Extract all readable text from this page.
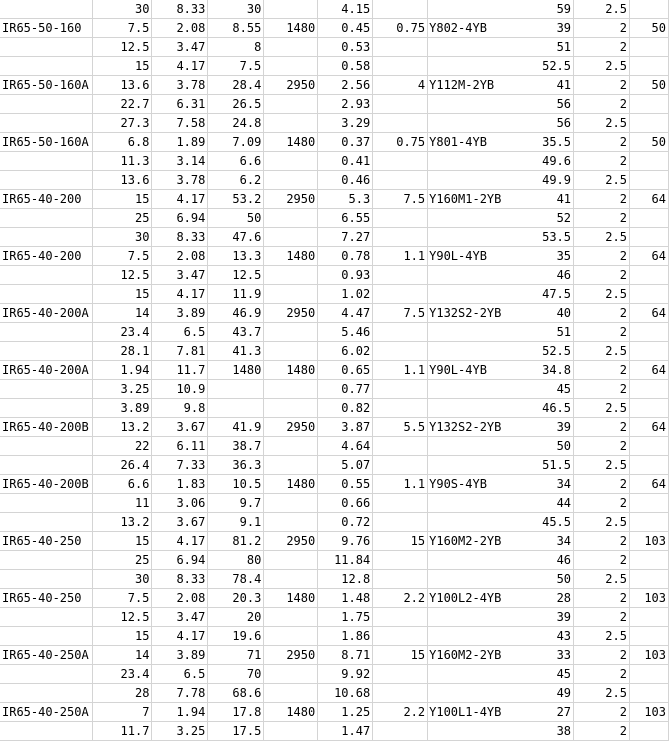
	30	8.33	30		4.15			59	2.5	
IR65-50-160	7.5	2.08	8.55	1480	0.45	0.75	Y802-4YB	39	2	50
	12.5	3.47	8		0.53			51	2	
	15	4.17	7.5		0.58			52.5	2.5	
IR65-50-160A	13.6	3.78	28.4	2950	2.56	4	Y112M-2YB	41	2	50
	22.7	6.31	26.5		2.93			56	2	
	27.3	7.58	24.8		3.29			56	2.5	
IR65-50-160A	6.8	1.89	7.09	1480	0.37	0.75	Y801-4YB	35.5	2	50
	11.3	3.14	6.6		0.41			49.6	2	
	13.6	3.78	6.2		0.46			49.9	2.5	
IR65-40-200	15	4.17	53.2	2950	5.3	7.5	Y160M1-2YB	41	2	64
	25	6.94	50		6.55			52	2	
	30	8.33	47.6		7.27			53.5	2.5	
IR65-40-200	7.5	2.08	13.3	1480	0.78	1.1	Y90L-4YB	35	2	64
	12.5	3.47	12.5		0.93			46	2	
	15	4.17	11.9		1.02			47.5	2.5	
IR65-40-200A	14	3.89	46.9	2950	4.47	7.5	Y132S2-2YB	40	2	64
	23.4	6.5	43.7		5.46			51	2	
	28.1	7.81	41.3		6.02			52.5	2.5	
IR65-40-200A	1.94	11.7	1480	1480	0.65	1.1	Y90L-4YB	34.8	2	64
	3.25	10.9			0.77			45	2	
	3.89	9.8			0.82			46.5	2.5	
IR65-40-200B	13.2	3.67	41.9	2950	3.87	5.5	Y132S2-2YB	39	2	64
	22	6.11	38.7		4.64			50	2	
	26.4	7.33	36.3		5.07			51.5	2.5	
IR65-40-200B	6.6	1.83	10.5	1480	0.55	1.1	Y90S-4YB	34	2	64
	11	3.06	9.7		0.66			44	2	
	13.2	3.67	9.1		0.72			45.5	2.5	
IR65-40-250	15	4.17	81.2	2950	9.76	15	Y160M2-2YB	34	2	103
	25	6.94	80		11.84			46	2	
	30	8.33	78.4		12.8			50	2.5	
IR65-40-250	7.5	2.08	20.3	1480	1.48	2.2	Y100L2-4YB	28	2	103
	12.5	3.47	20		1.75			39	2	
	15	4.17	19.6		1.86			43	2.5	
IR65-40-250A	14	3.89	71	2950	8.71	15	Y160M2-2YB	33	2	103
	23.4	6.5	70		9.92			45	2	
	28	7.78	68.6		10.68			49	2.5	
IR65-40-250A	7	1.94	17.8	1480	1.25	2.2	Y100L1-4YB	27	2	103
	11.7	3.25	17.5		1.47			38	2	
